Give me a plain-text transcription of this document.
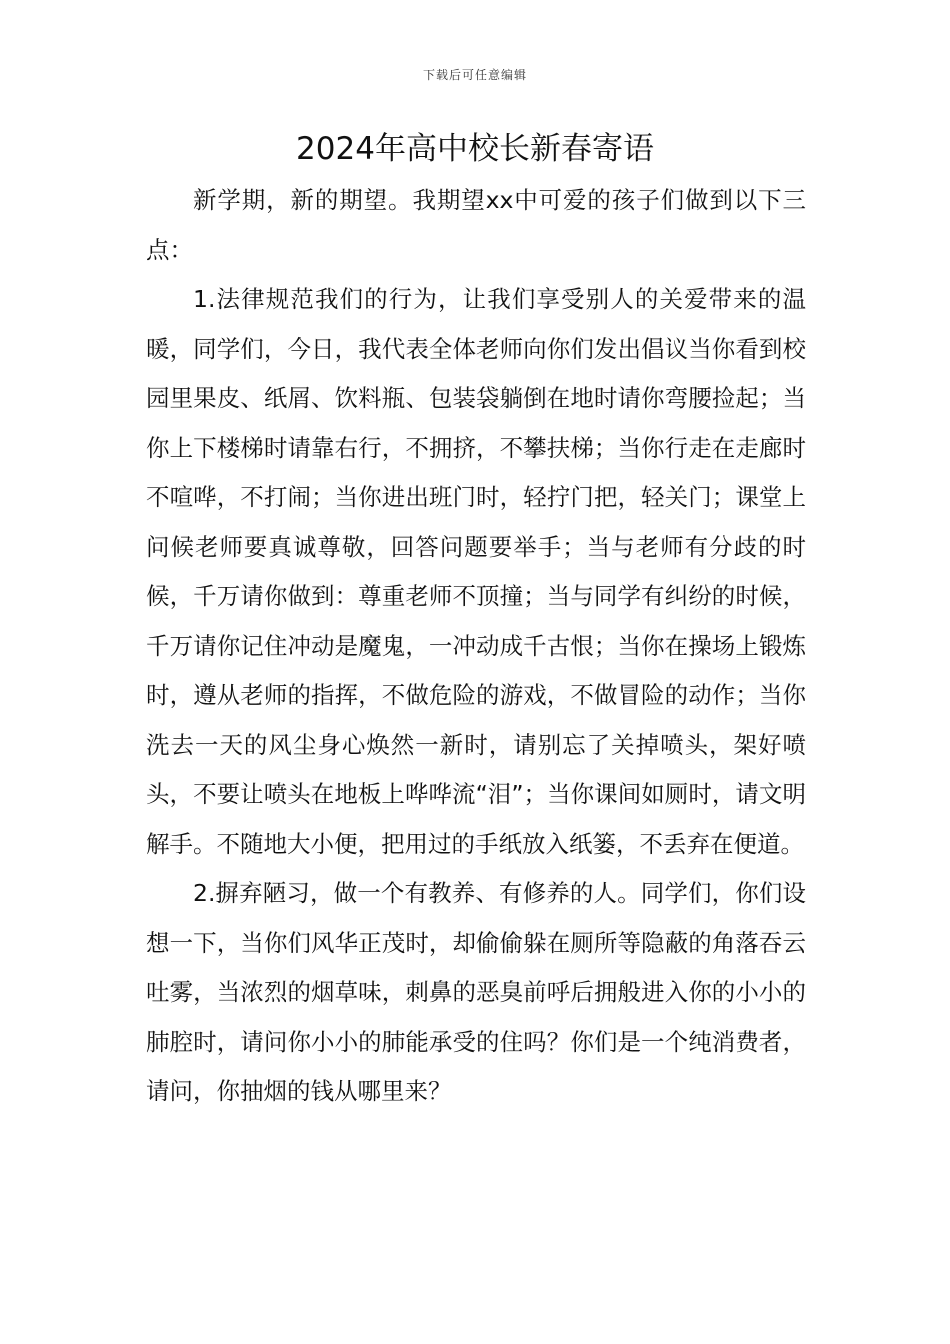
下载后可任意编辑
2024年高中校长新春寄语

新学期，新的期望。我期望xx中可爱的孩子们做到以下三点：

1.法律规范我们的行为，让我们享受别人的关爱带来的温暖，同学们，今日，我代表全体老师向你们发出倡议当你看到校园里果皮、纸屑、饮料瓶、包装袋躺倒在地时请你弯腰捡起；当你上下楼梯时请靠右行，不拥挤，不攀扶梯；当你行走在走廊时不喧哗，不打闹；当你进出班门时，轻拧门把，轻关门；课堂上问候老师要真诚尊敬，回答问题要举手；当与老师有分歧的时候，千万请你做到：尊重老师不顶撞；当与同学有纠纷的时候，千万请你记住冲动是魔鬼，一冲动成千古恨；当你在操场上锻炼时，遵从老师的指挥，不做危险的游戏，不做冒险的动作；当你洗去一天的风尘身心焕然一新时，请别忘了关掉喷头，架好喷头，不要让喷头在地板上哗哗流“泪”；当你课间如厕时，请文明解手。不随地大小便，把用过的手纸放入纸篓，不丢弃在便道。

2.摒弃陋习，做一个有教养、有修养的人。同学们，你们设想一下，当你们风华正茂时，却偷偷躲在厕所等隐蔽的角落吞云吐雾，当浓烈的烟草味，刺鼻的恶臭前呼后拥般进入你的小小的肺腔时，请问你小小的肺能承受的住吗？你们是一个纯消费者，请问，你抽烟的钱从哪里来？
